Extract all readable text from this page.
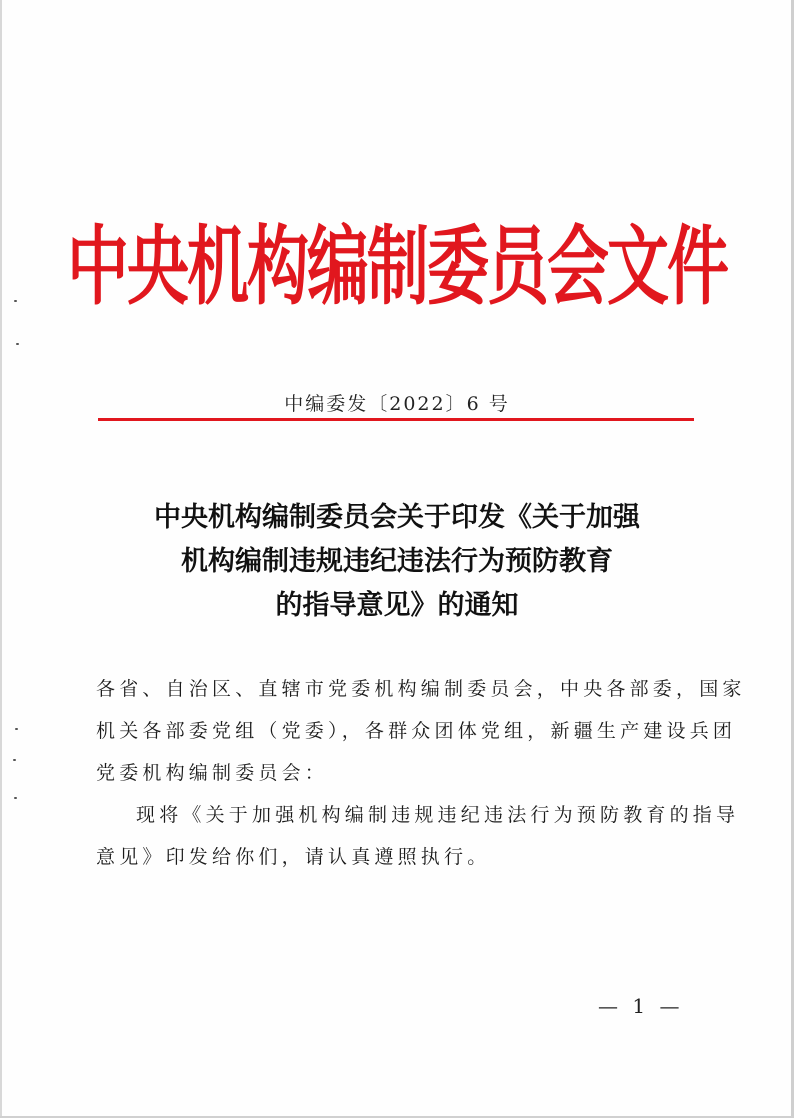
中央机构编制委员会文件
中编委发〔2022〕6 号
中央机构编制委员会关于印发《关于加强
机构编制违规违纪违法行为预防教育
的指导意见》的通知
各省、自治区、直辖市党委机构编制委员会，中央各部委，国家
机关各部委党组（党委），各群众团体党组，新疆生产建设兵团
党委机构编制委员会：
现将《关于加强机构编制违规违纪违法行为预防教育的指导
意见》印发给你们，请认真遵照执行。
— 1 —
